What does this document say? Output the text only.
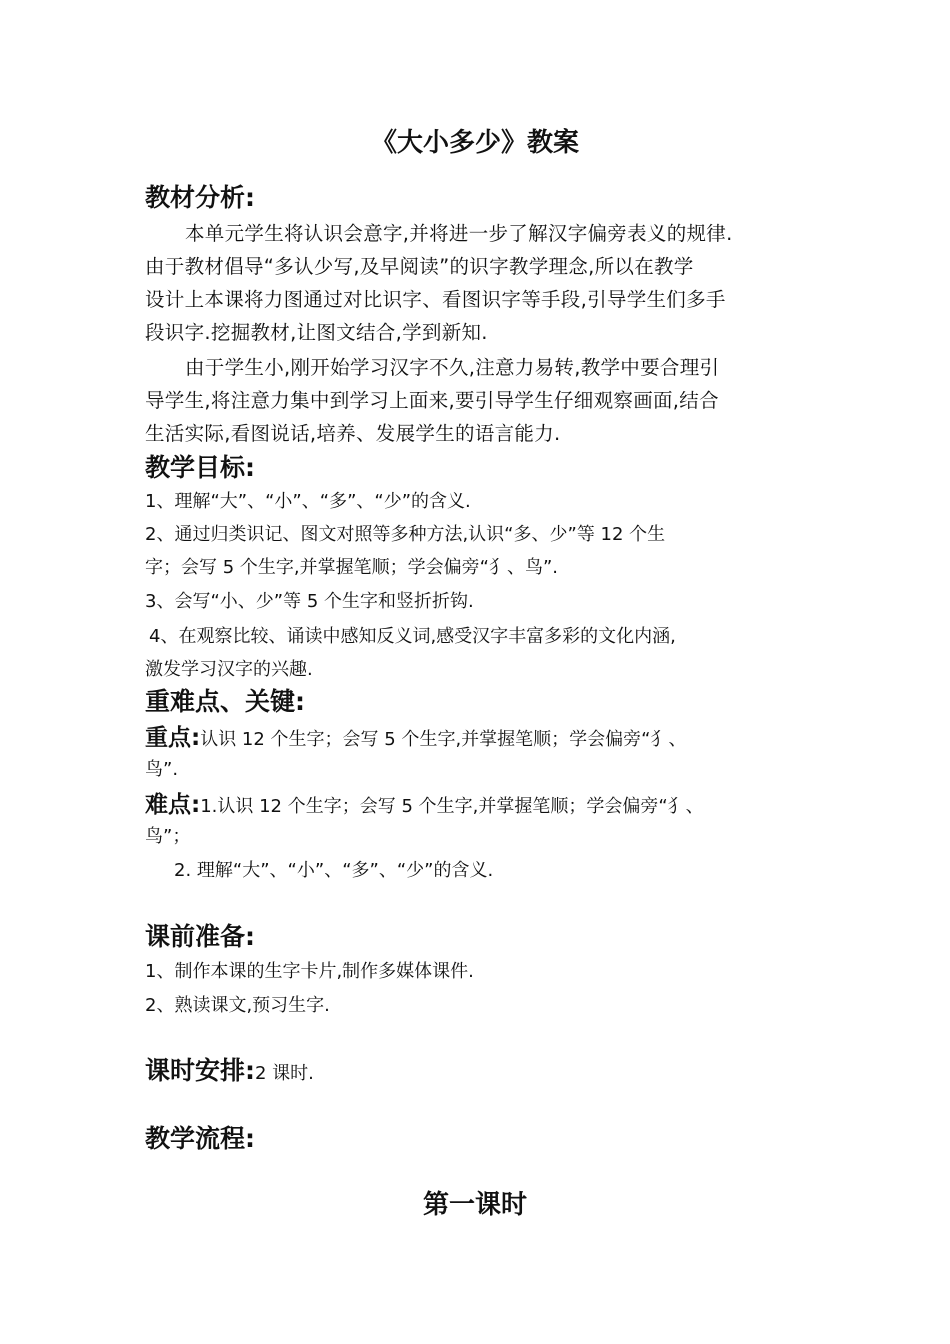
《大小多少》教案
教材分析:
本单元学生将认识会意字,并将进一步了解汉字偏旁表义的规律.
由于教材倡导“多认少写,及早阅读”的识字教学理念,所以在教学
设计上本课将力图通过对比识字、看图识字等手段,引导学生们多手
段识字.挖掘教材,让图文结合,学到新知.
由于学生小,刚开始学习汉字不久,注意力易转,教学中要合理引
导学生,将注意力集中到学习上面来,要引导学生仔细观察画面,结合
生活实际,看图说话,培养、发展学生的语言能力.
教学目标:
1、理解“大”、“小”、“多”、“少”的含义.
2、通过归类识记、图文对照等多种方法,认识“多、少”等 12 个生
字；会写 5 个生字,并掌握笔顺；学会偏旁“犭、鸟”.
3、会写“小、少”等 5 个生字和竖折折钩.
4、在观察比较、诵读中感知反义词,感受汉字丰富多彩的文化内涵,
激发学习汉字的兴趣.
重难点、关键:
重点:认识 12 个生字；会写 5 个生字,并掌握笔顺；学会偏旁“犭、
鸟”.
难点:1.认识 12 个生字；会写 5 个生字,并掌握笔顺；学会偏旁“犭、
鸟”；
2. 理解“大”、“小”、“多”、“少”的含义.
课前准备:
1、制作本课的生字卡片,制作多媒体课件.
2、熟读课文,预习生字.
课时安排:2 课时.
教学流程:
第一课时
